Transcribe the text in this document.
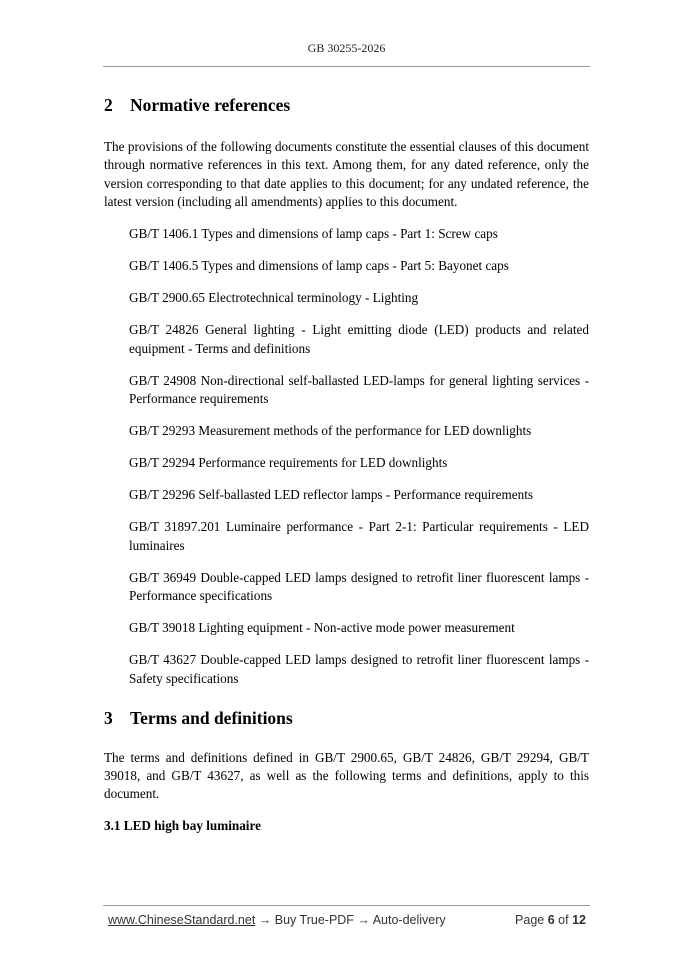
GB 30255-2026
2 Normative references

The provisions of the following documents constitute the essential clauses of this document through normative references in this text. Among them, for any dated reference, only the version corresponding to that date applies to this document; for any undated reference, the latest version (including all amendments) applies to this document.

GB/T 1406.1 Types and dimensions of lamp caps - Part 1: Screw caps

GB/T 1406.5 Types and dimensions of lamp caps - Part 5: Bayonet caps

GB/T 2900.65 Electrotechnical terminology - Lighting

GB/T 24826 General lighting - Light emitting diode (LED) products and related equipment - Terms and definitions

GB/T 24908 Non-directional self-ballasted LED-lamps for general lighting services - Performance requirements

GB/T 29293 Measurement methods of the performance for LED downlights

GB/T 29294 Performance requirements for LED downlights

GB/T 29296 Self-ballasted LED reflector lamps - Performance requirements

GB/T 31897.201 Luminaire performance - Part 2-1: Particular requirements - LED luminaires

GB/T 36949 Double-capped LED lamps designed to retrofit liner fluorescent lamps - Performance specifications

GB/T 39018 Lighting equipment - Non-active mode power measurement

GB/T 43627 Double-capped LED lamps designed to retrofit liner fluorescent lamps - Safety specifications

3 Terms and definitions

The terms and definitions defined in GB/T 2900.65, GB/T 24826, GB/T 29294, GB/T 39018, and GB/T 43627, as well as the following terms and definitions, apply to this document.

3.1 LED high bay luminaire

www.ChineseStandard.net → Buy True-PDF → Auto-delivery	Page 6 of 12
